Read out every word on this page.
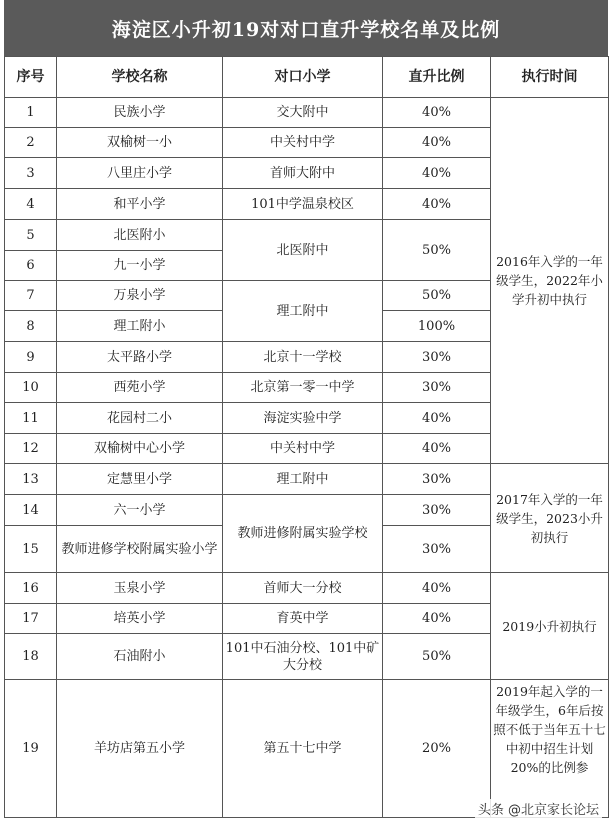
海淀区小升初19对对口直升学校名单及比例
序号	学校名称	对口小学	直升比例	执行时间
1	民族小学	交大附中	40%	2016年入学的一年级学生，2022年小学升初中执行
2	双榆树一小	中关村中学	40%	
3	八里庄小学	首师大附中	40%	
4	和平小学	101中学温泉校区	40%	
5	北医附小	北医附中	50%	
6	九一小学			
7	万泉小学	理工附中	50%	
8	理工附小		100%	
9	太平路小学	北京十一学校	30%	
10	西苑小学	北京第一零一中学	30%	
11	花园村二小	海淀实验中学	40%	
12	双榆树中心小学	中关村中学	40%	
13	定慧里小学	理工附中	30%	2017年入学的一年级学生，2023小升初执行
14	六一小学	教师进修附属实验学校	30%	
15	教师进修学校附属实验小学		30%	
16	玉泉小学	首师大一分校	40%	2019小升初执行
17	培英小学	育英中学	40%	
18	石油附小	101中石油分校、101中矿大分校	50%	
19	羊坊店第五小学	第五十七中学	20%	2019年起入学的一年级学生，6年后按照不低于当年五十七中初中招生计划20%的比例参
头条 @北京家长论坛
